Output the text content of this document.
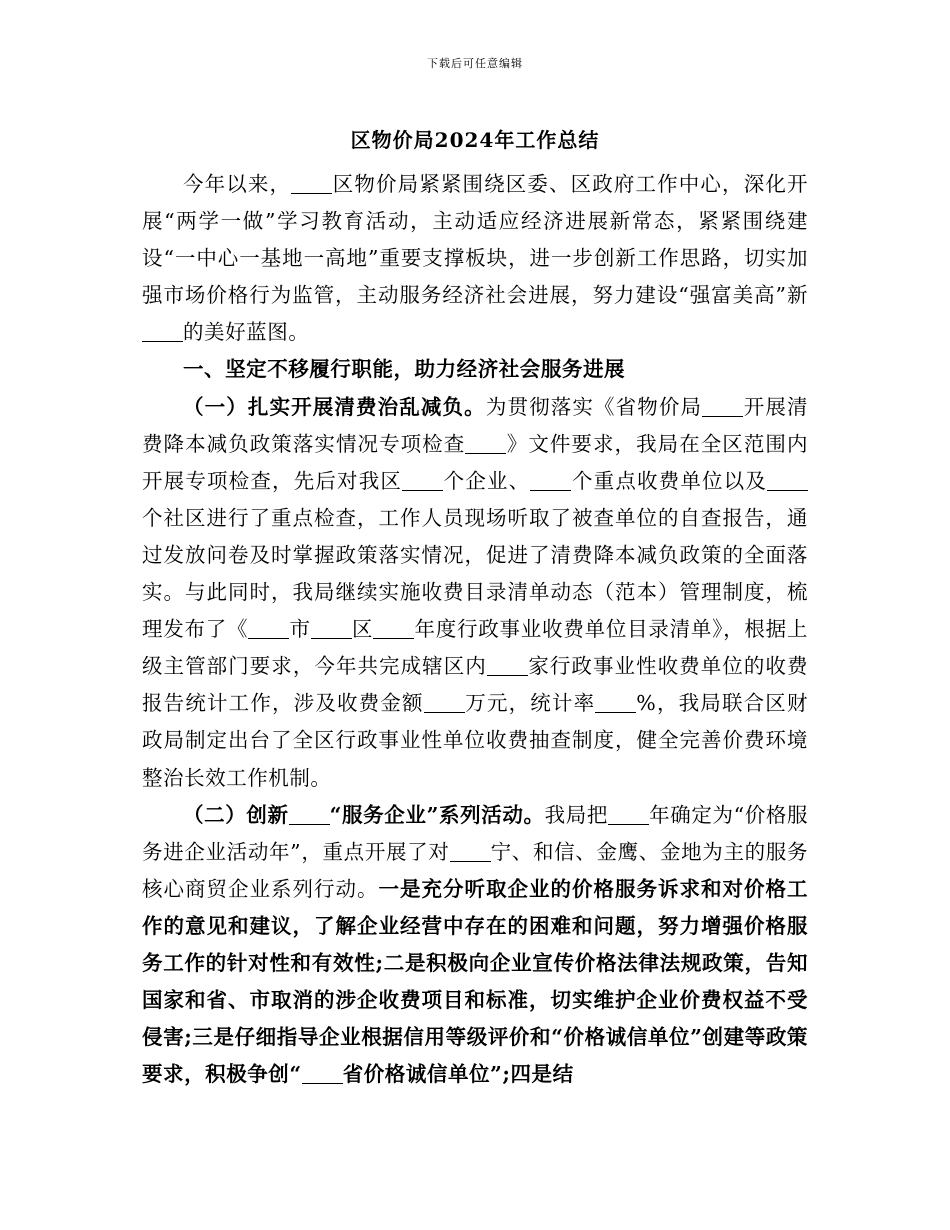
下载后可任意编辑
区物价局2024年工作总结

今年以来， 区物价局紧紧围绕区委、区政府工作中心，深化开展“两学一做”学习教育活动，主动适应经济进展新常态，紧紧围绕建设“一中心一基地一高地”重要支撑板块，进一步创新工作思路，切实加强市场价格行为监管，主动服务经济社会进展，努力建设“强富美高”新的美好蓝图。

一、坚定不移履行职能，助力经济社会服务进展

（一）扎实开展清费治乱减负。为贯彻落实《省物价局 开展清费降本减负政策落实情况专项检查 》文件要求，我局在全区范围内开展专项检查，先后对我区 个企业、 个重点收费单位以及个社区进行了重点检查，工作人员现场听取了被查单位的自查报告，通过发放问卷及时掌握政策落实情况，促进了清费降本减负政策的全面落实。与此同时，我局继续实施收费目录清单动态（范本）管理制度，梳理发布了《 市 区 年度行政事业收费单位目录清单》，根据上级主管部门要求，今年共完成辖区内 家行政事业性收费单位的收费报告统计工作，涉及收费金额 万元，统计率 %，我局联合区财政局制定出台了全区行政事业性单位收费抽查制度，健全完善价费环境整治长效工作机制。

（二）创新 “服务企业”系列活动。我局把 年确定为“价格服务进企业活动年”，重点开展了对 宁、和信、金鹰、金地为主的服务核心商贸企业系列行动。一是充分听取企业的价格服务诉求和对价格工作的意见和建议，了解企业经营中存在的困难和问题，努力增强价格服务工作的针对性和有效性;二是积极向企业宣传价格法律法规政策，告知国家和省、市取消的涉企收费项目和标准，切实维护企业价费权益不受侵害;三是仔细指导企业根据信用等级评价和“价格诚信单位”创建等政策要求，积极争创“ 省价格诚信单位”;四是结
